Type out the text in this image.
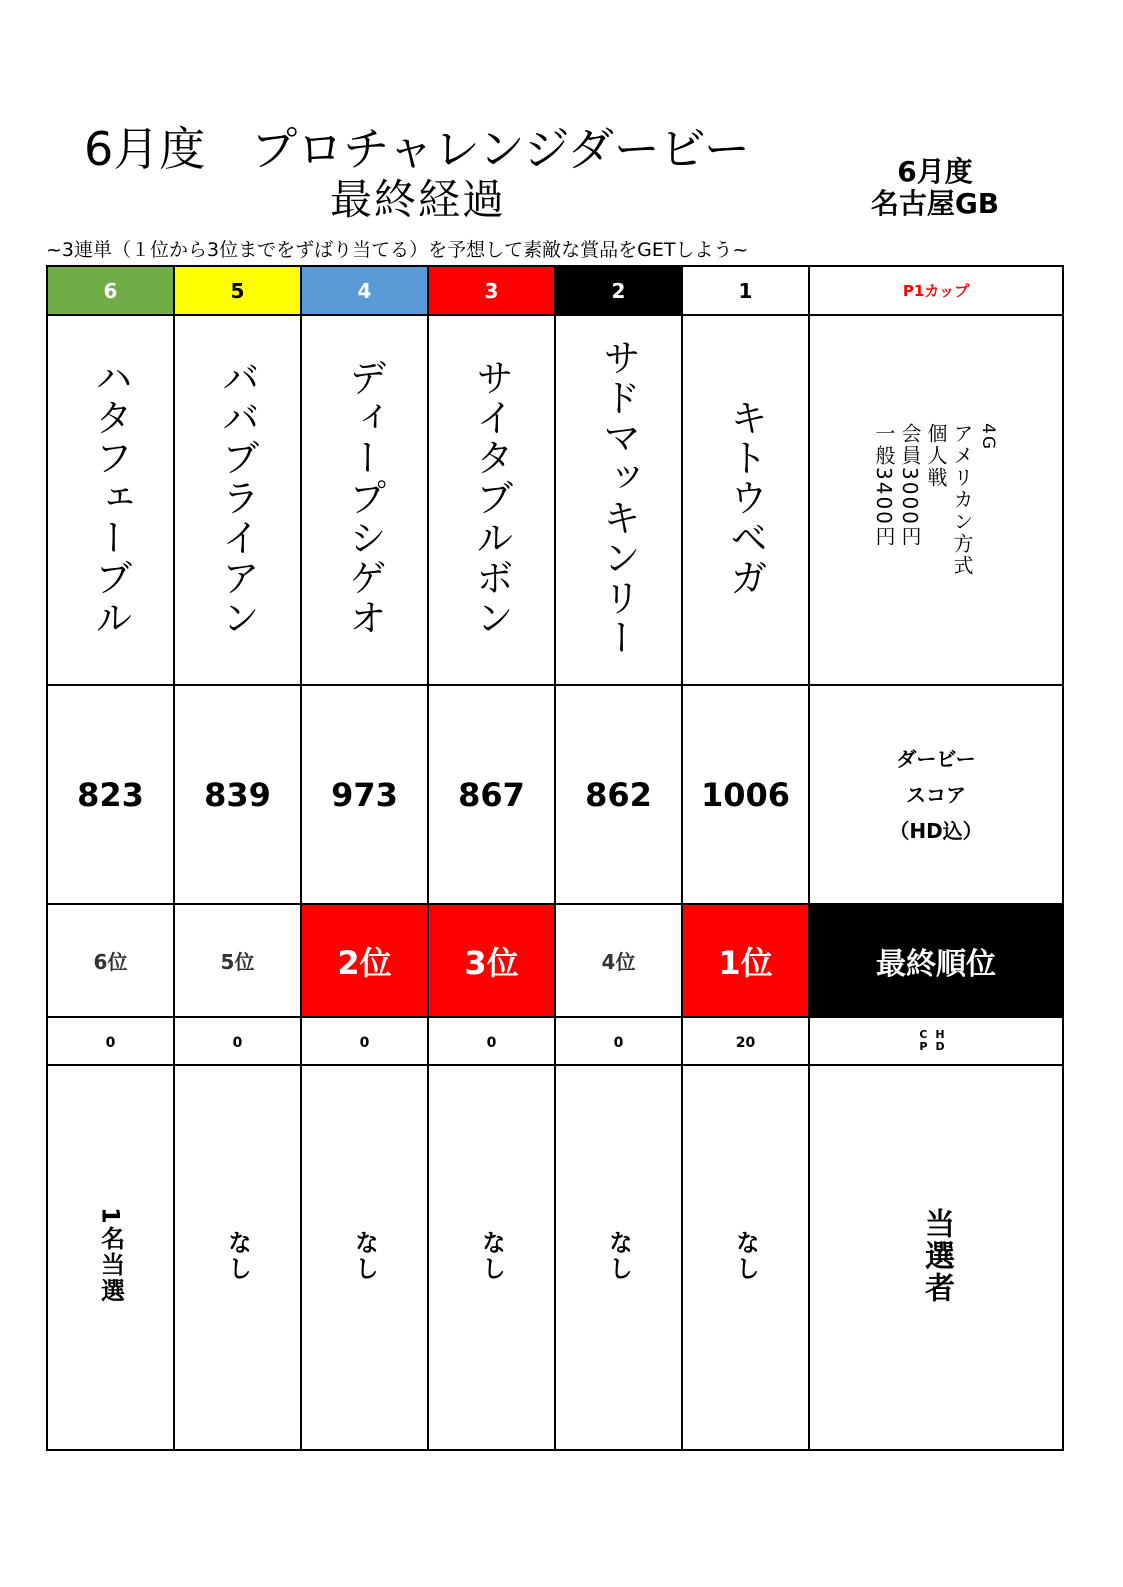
6月度　プロチャレンジダービー
最終経過
6月度
名古屋GB
~3連単（１位から3位までをずばり当てる）を予想して素敵な賞品をGETしよう~
6	5	4	3	2	1	P1カップ
ハタフェーブル	ババブライアン	ディープシゲオ	サイタブルボン	サドマッキンリー	キトウベガ	4G
アメリカン方式
個人戦
会員3000円
一般3400円

823	839	973	867	862	1006	ダービー
スコア
（HD込）

6位	5位	2位	3位	4位	1位	最終順位
0	0	0	0	0	20	CH
PD

1名当選	なし	なし	なし	なし	なし	当選者
